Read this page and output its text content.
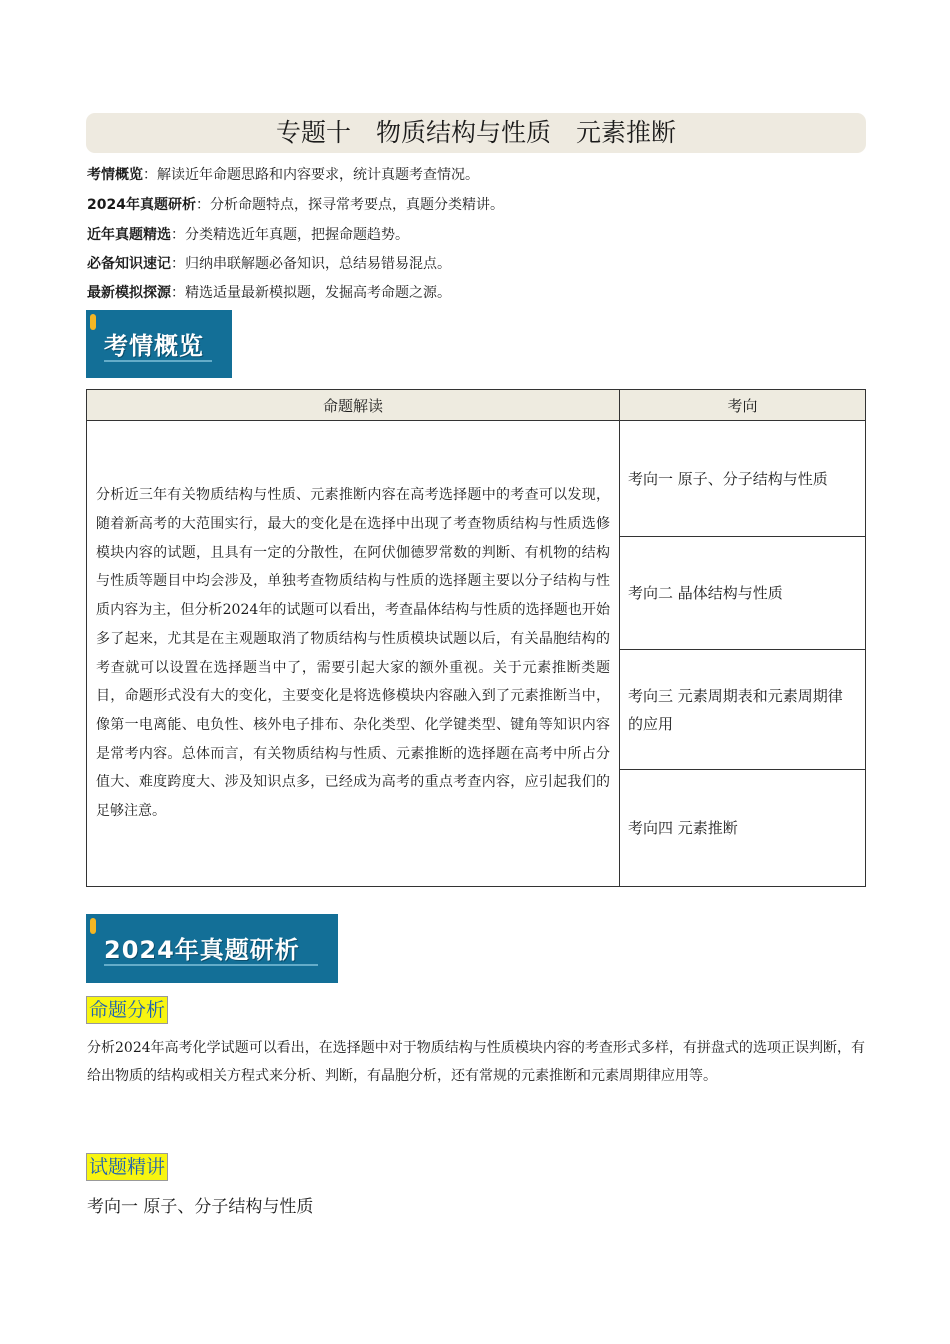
专题十　物质结构与性质　元素推断
考情概览：解读近年命题思路和内容要求，统计真题考查情况。
2024年真题研析：分析命题特点，探寻常考要点，真题分类精讲。
近年真题精选：分类精选近年真题，把握命题趋势。
必备知识速记：归纳串联解题必备知识，总结易错易混点。
最新模拟探源：精选适量最新模拟题，发掘高考命题之源。
考情概览
命题解读	考向
分析近三年有关物质结构与性质、元素推断内容在高考选择题中的考查可以发现，随着新高考的大范围实行，最大的变化是在选择中出现了考查物质结构与性质选修模块内容的试题，且具有一定的分散性，在阿伏伽德罗常数的判断、有机物的结构与性质等题目中均会涉及，单独考查物质结构与性质的选择题主要以分子结构与性质内容为主，但分析2024年的试题可以看出，考查晶体结构与性质的选择题也开始多了起来，尤其是在主观题取消了物质结构与性质模块试题以后，有关晶胞结构的考查就可以设置在选择题当中了，需要引起大家的额外重视。关于元素推断类题目，命题形式没有大的变化，主要变化是将选修模块内容融入到了元素推断当中，像第一电离能、电负性、核外电子排布、杂化类型、化学键类型、键角等知识内容是常考内容。总体而言，有关物质结构与性质、元素推断的选择题在高考中所占分值大、难度跨度大、涉及知识点多，已经成为高考的重点考查内容，应引起我们的足够注意。	考向一 原子、分子结构与性质
	考向二 晶体结构与性质
	考向三 元素周期表和元素周期律的应用
	考向四 元素推断
2024年真题研析
命题分析
分析2024年高考化学试题可以看出，在选择题中对于物质结构与性质模块内容的考查形式多样，有拼盘式的选项正误判断，有给出物质的结构或相关方程式来分析、判断，有晶胞分析，还有常规的元素推断和元素周期律应用等。
试题精讲
考向一 原子、分子结构与性质
